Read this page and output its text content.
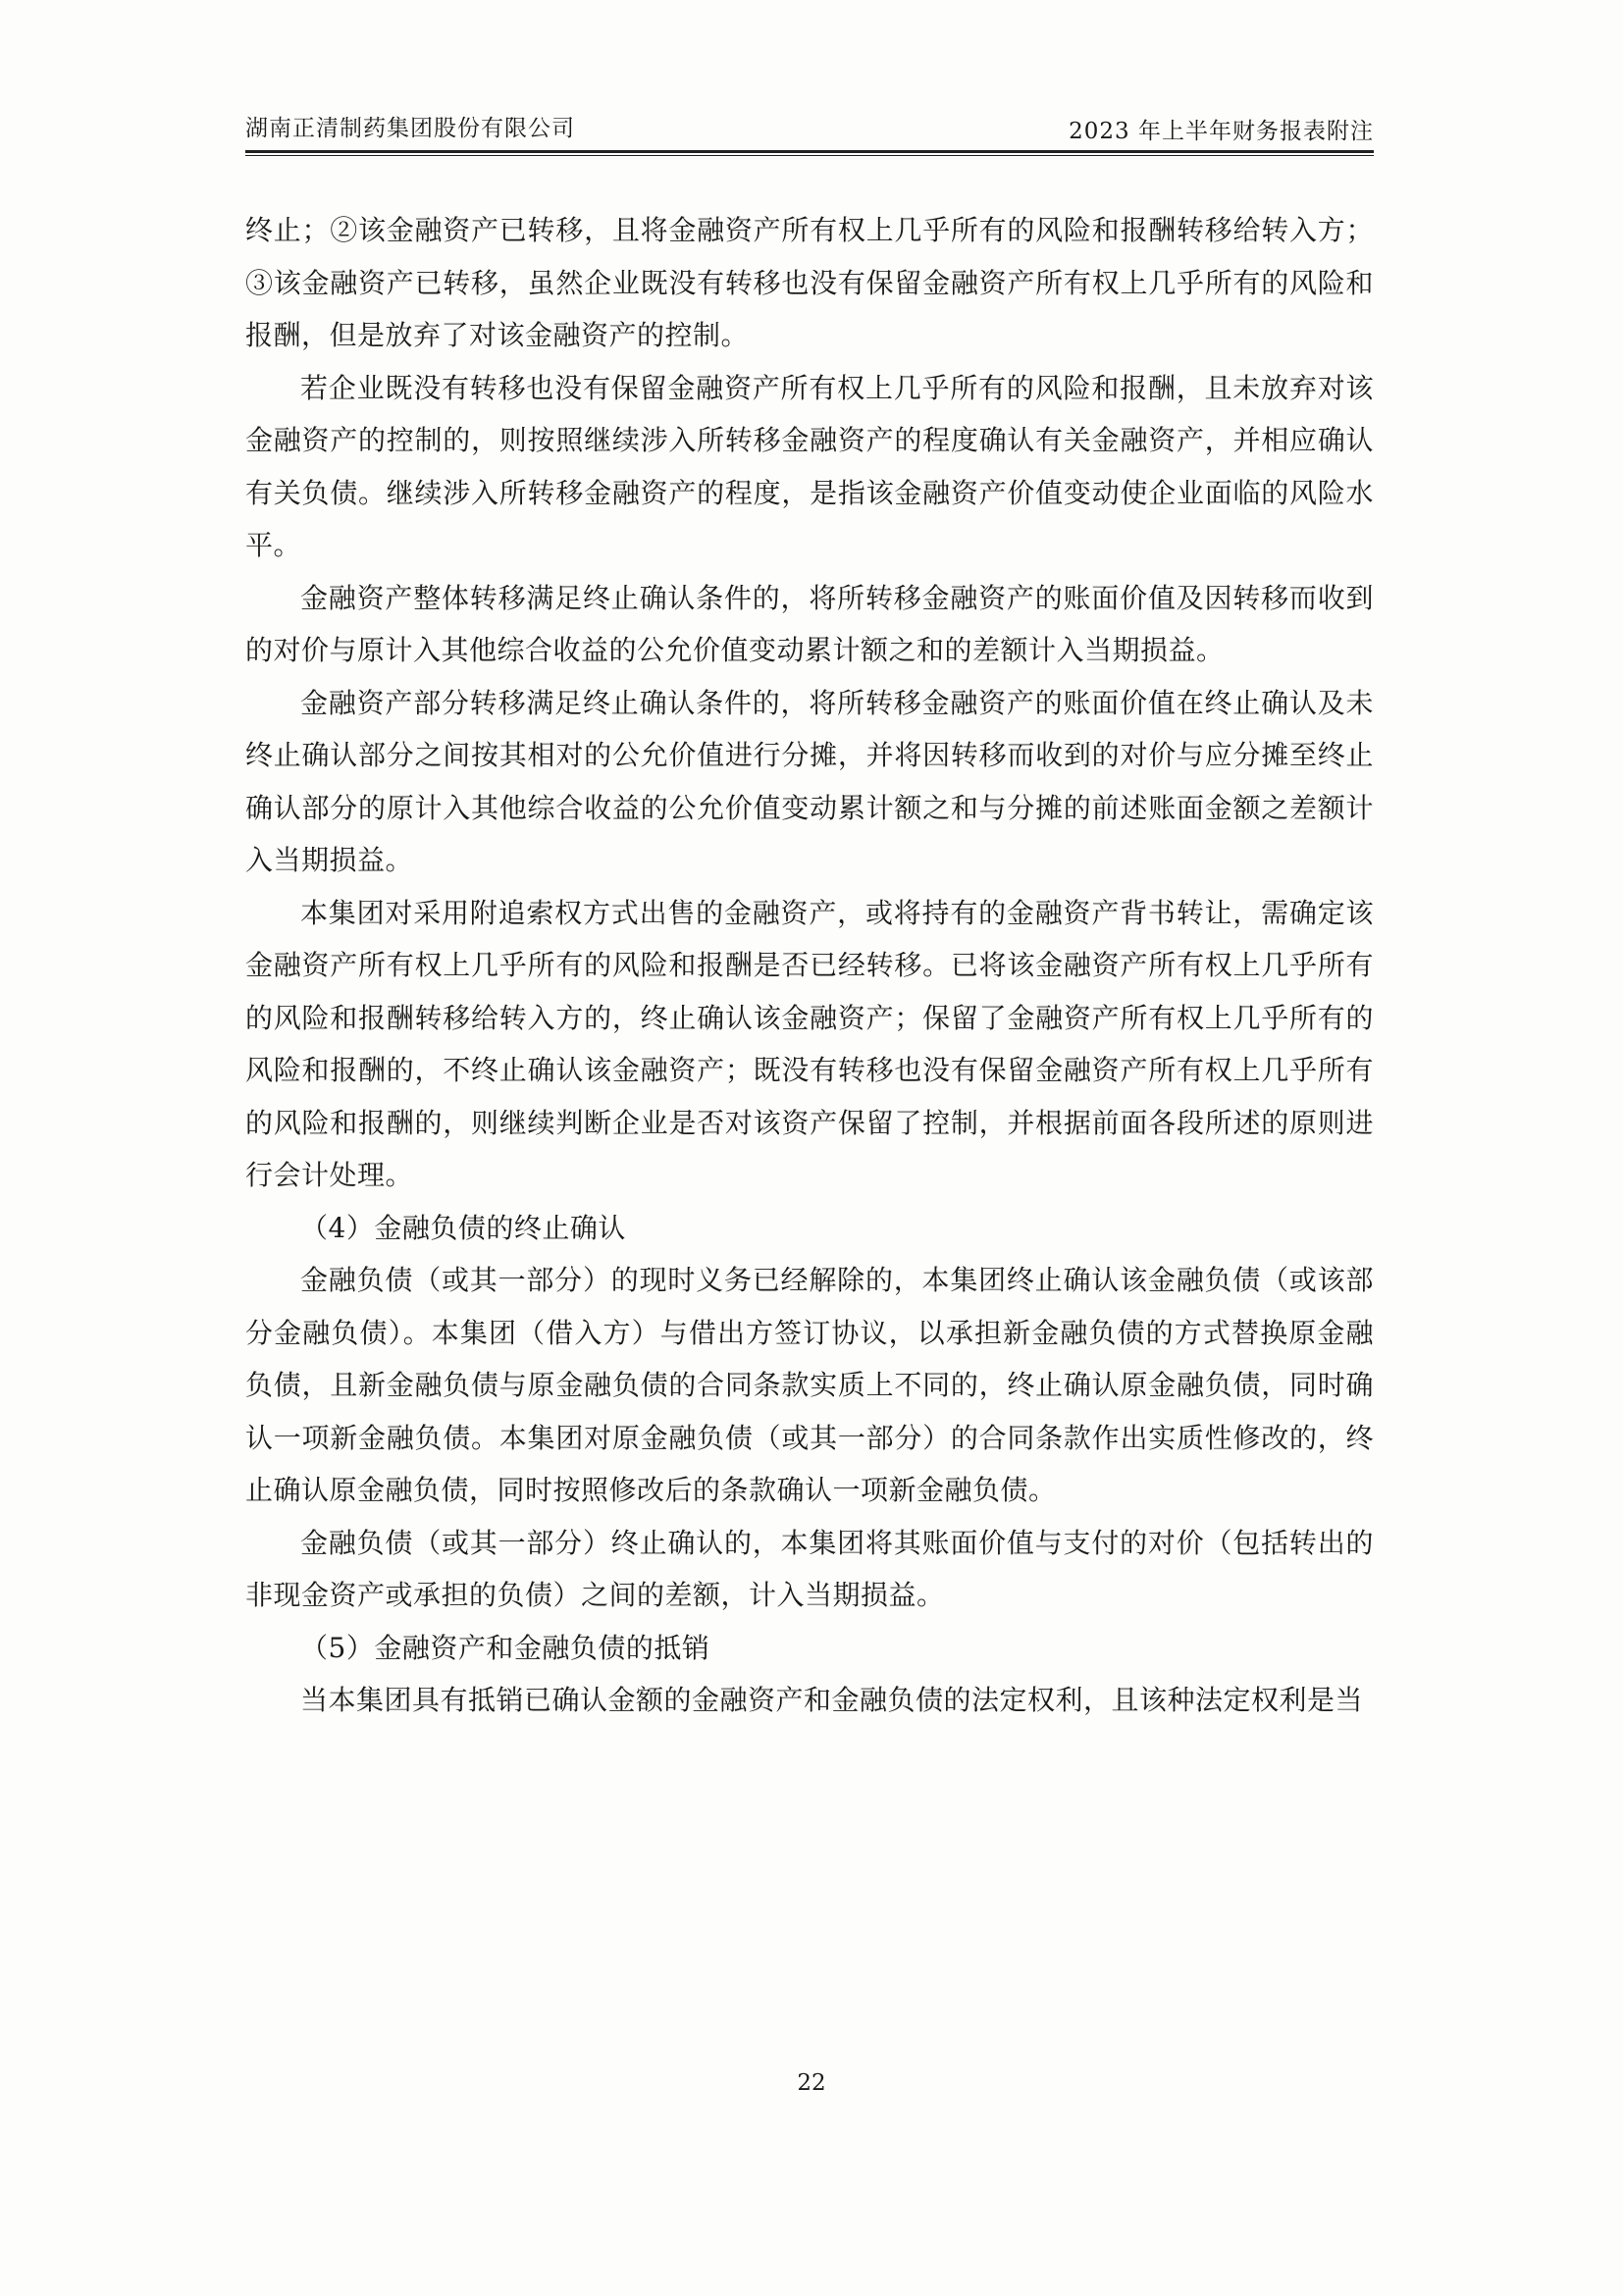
湖南正清制药集团股份有限公司	2023 年上半年财务报表附注

终止；②该金融资产已转移，且将金融资产所有权上几乎所有的风险和报酬转移给转入方；③该金融资产已转移，虽然企业既没有转移也没有保留金融资产所有权上几乎所有的风险和报酬，但是放弃了对该金融资产的控制。

若企业既没有转移也没有保留金融资产所有权上几乎所有的风险和报酬，且未放弃对该金融资产的控制的，则按照继续涉入所转移金融资产的程度确认有关金融资产，并相应确认有关负债。继续涉入所转移金融资产的程度，是指该金融资产价值变动使企业面临的风险水平。

金融资产整体转移满足终止确认条件的，将所转移金融资产的账面价值及因转移而收到的对价与原计入其他综合收益的公允价值变动累计额之和的差额计入当期损益。

金融资产部分转移满足终止确认条件的，将所转移金融资产的账面价值在终止确认及未终止确认部分之间按其相对的公允价值进行分摊，并将因转移而收到的对价与应分摊至终止确认部分的原计入其他综合收益的公允价值变动累计额之和与分摊的前述账面金额之差额计入当期损益。

本集团对采用附追索权方式出售的金融资产，或将持有的金融资产背书转让，需确定该金融资产所有权上几乎所有的风险和报酬是否已经转移。已将该金融资产所有权上几乎所有的风险和报酬转移给转入方的，终止确认该金融资产；保留了金融资产所有权上几乎所有的风险和报酬的，不终止确认该金融资产；既没有转移也没有保留金融资产所有权上几乎所有的风险和报酬的，则继续判断企业是否对该资产保留了控制，并根据前面各段所述的原则进行会计处理。

（4）金融负债的终止确认

金融负债（或其一部分）的现时义务已经解除的，本集团终止确认该金融负债（或该部分金融负债）。本集团（借入方）与借出方签订协议，以承担新金融负债的方式替换原金融负债，且新金融负债与原金融负债的合同条款实质上不同的，终止确认原金融负债，同时确认一项新金融负债。本集团对原金融负债（或其一部分）的合同条款作出实质性修改的，终止确认原金融负债，同时按照修改后的条款确认一项新金融负债。

金融负债（或其一部分）终止确认的，本集团将其账面价值与支付的对价（包括转出的非现金资产或承担的负债）之间的差额，计入当期损益。

（5）金融资产和金融负债的抵销

当本集团具有抵销已确认金额的金融资产和金融负债的法定权利，且该种法定权利是当

22
